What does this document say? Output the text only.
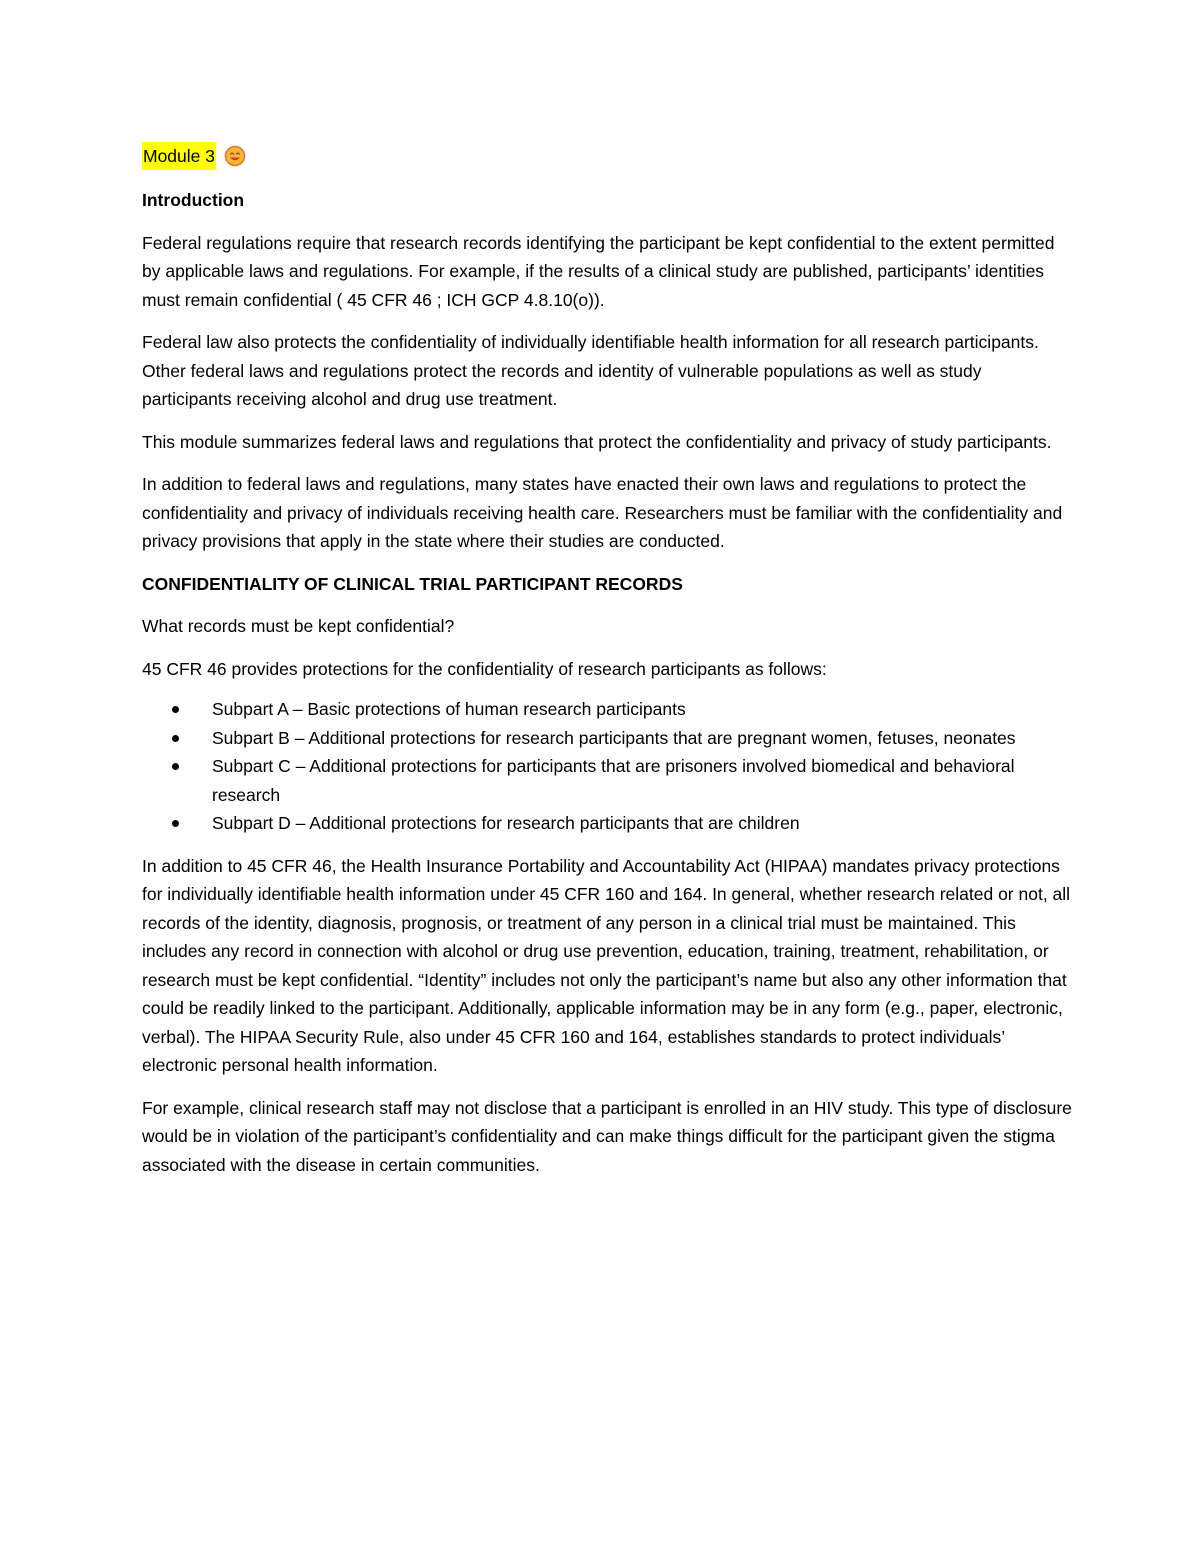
Module 3
Introduction

Federal regulations require that research records identifying the participant be kept confidential to the extent permitted by applicable laws and regulations. For example, if the results of a clinical study are published, participants’ identities must remain confidential ( 45 CFR 46 ; ICH GCP 4.8.10(o)).

Federal law also protects the confidentiality of individually identifiable health information for all research participants. Other federal laws and regulations protect the records and identity of vulnerable populations as well as study participants receiving alcohol and drug use treatment.

This module summarizes federal laws and regulations that protect the confidentiality and privacy of study participants.

In addition to federal laws and regulations, many states have enacted their own laws and regulations to protect the confidentiality and privacy of individuals receiving health care. Researchers must be familiar with the confidentiality and privacy provisions that apply in the state where their studies are conducted.

CONFIDENTIALITY OF CLINICAL TRIAL PARTICIPANT RECORDS

What records must be kept confidential?

45 CFR 46 provides protections for the confidentiality of research participants as follows:

Subpart A – Basic protections of human research participants
Subpart B – Additional protections for research participants that are pregnant women, fetuses, neonates
Subpart C – Additional protections for participants that are prisoners involved biomedical and behavioral research
Subpart D – Additional protections for research participants that are children

In addition to 45 CFR 46, the Health Insurance Portability and Accountability Act (HIPAA) mandates privacy protections for individually identifiable health information under 45 CFR 160 and 164. In general, whether research related or not, all records of the identity, diagnosis, prognosis, or treatment of any person in a clinical trial must be maintained. This includes any record in connection with alcohol or drug use prevention, education, training, treatment, rehabilitation, or research must be kept confidential. “Identity” includes not only the participant’s name but also any other information that could be readily linked to the participant. Additionally, applicable information may be in any form (e.g., paper, electronic, verbal). The HIPAA Security Rule, also under 45 CFR 160 and 164, establishes standards to protect individuals’ electronic personal health information.

For example, clinical research staff may not disclose that a participant is enrolled in an HIV study. This type of disclosure would be in violation of the participant’s confidentiality and can make things difficult for the participant given the stigma associated with the disease in certain communities.
